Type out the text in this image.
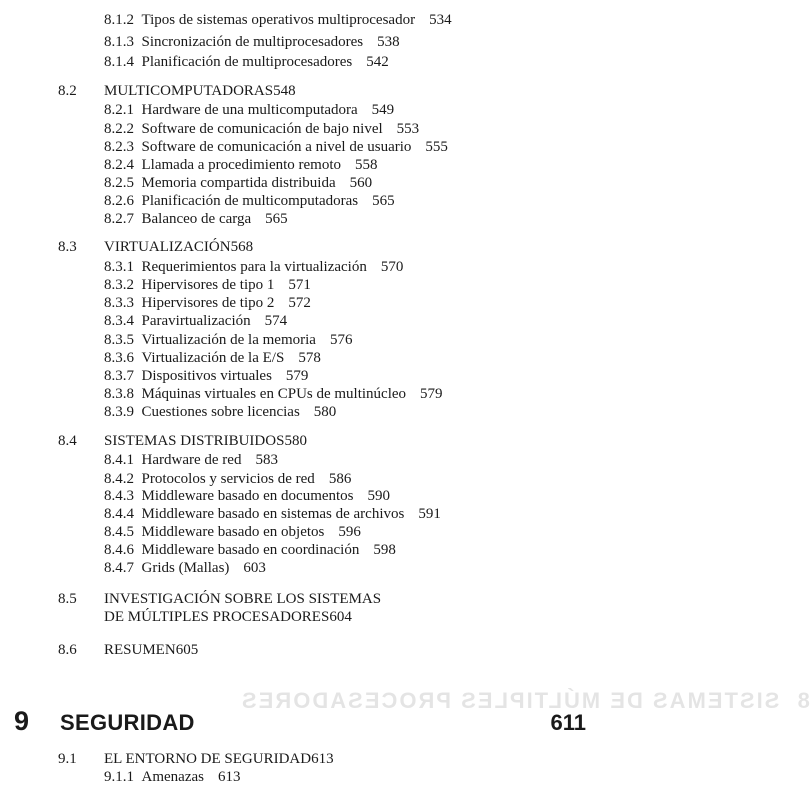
8  SISTEMAS DE MÚLTIPLES PROCESADORES
8.1.2 Tipos de sistemas operativos multiprocesador 534
8.1.3 Sincronización de multiprocesadores 538
8.1.4 Planificación de multiprocesadores 542
8.2 MULTICOMPUTADORAS548
8.2.1 Hardware de una multicomputadora 549
8.2.2 Software de comunicación de bajo nivel 553
8.2.3 Software de comunicación a nivel de usuario 555
8.2.4 Llamada a procedimiento remoto 558
8.2.5 Memoria compartida distribuida 560
8.2.6 Planificación de multicomputadoras 565
8.2.7 Balanceo de carga 565
8.3 VIRTUALIZACIÓN568
8.3.1 Requerimientos para la virtualización 570
8.3.2 Hipervisores de tipo 1 571
8.3.3 Hipervisores de tipo 2 572
8.3.4 Paravirtualización 574
8.3.5 Virtualización de la memoria 576
8.3.6 Virtualización de la E/S 578
8.3.7 Dispositivos virtuales 579
8.3.8 Máquinas virtuales en CPUs de multinúcleo 579
8.3.9 Cuestiones sobre licencias 580
8.4 SISTEMAS DISTRIBUIDOS580
8.4.1 Hardware de red 583
8.4.2 Protocolos y servicios de red 586
8.4.3 Middleware basado en documentos 590
8.4.4 Middleware basado en sistemas de archivos 591
8.4.5 Middleware basado en objetos 596
8.4.6 Middleware basado en coordinación 598
8.4.7 Grids (Mallas) 603
8.5 INVESTIGACIÓN SOBRE LOS SISTEMAS
DE MÚLTIPLES PROCESADORES604
8.6 RESUMEN605
9 SEGURIDAD	611
9.1 EL ENTORNO DE SEGURIDAD613
9.1.1 Amenazas 613
